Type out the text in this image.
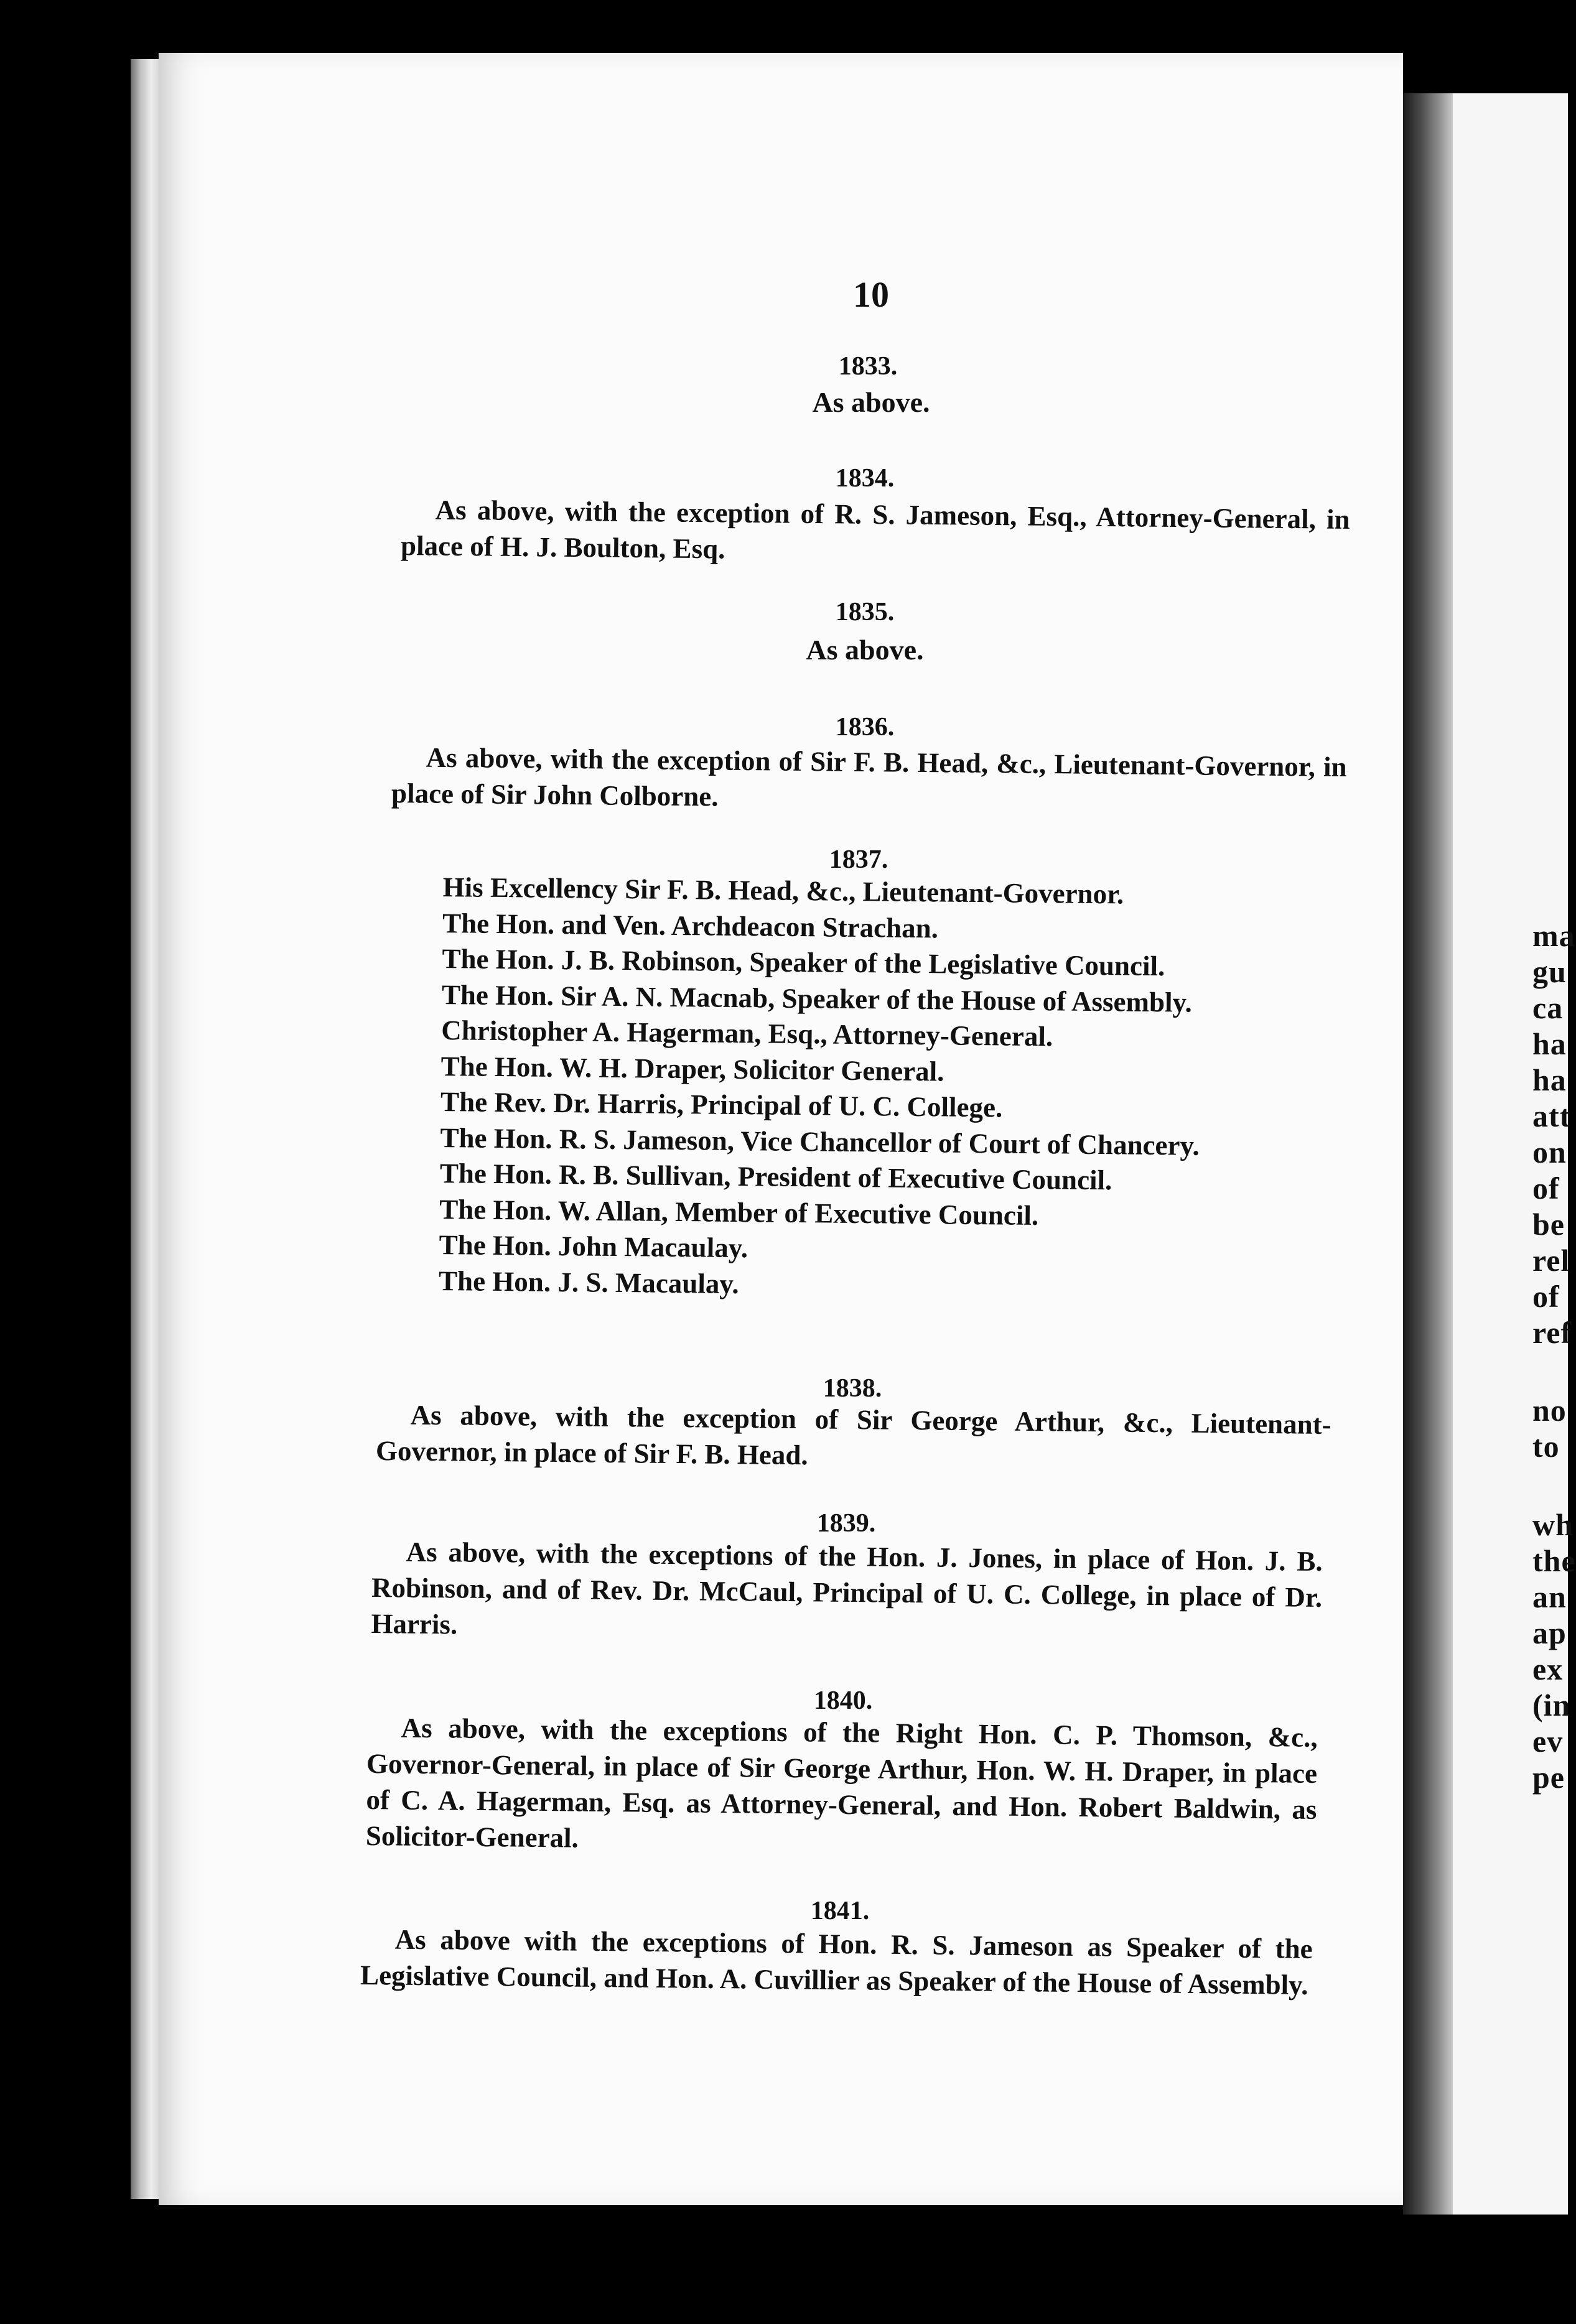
ma
gu
ca
ha
ha
att
on
of
be
rel
of
ref
no
to
wh
the
an
ap
ex
(in
ev
pe
10
1833.
As above.
1834.

As above, with the exception of R. S. Jameson, Esq., Attorney-General, in place of H. J. Boulton, Esq.

1835.
As above.
1836.

As above, with the exception of Sir F. B. Head, &c., Lieutenant-Governor, in place of Sir John Colborne.

1837.
His Excellency Sir F. B. Head, &c., Lieutenant-Governor.
The Hon. and Ven. Archdeacon Strachan.
The Hon. J. B. Robinson, Speaker of the Legislative Council.
The Hon. Sir A. N. Macnab, Speaker of the House of Assembly.
Christopher A. Hagerman, Esq., Attorney-General.
The Hon. W. H. Draper, Solicitor General.
The Rev. Dr. Harris, Principal of U. C. College.
The Hon. R. S. Jameson, Vice Chancellor of Court of Chancery.
The Hon. R. B. Sullivan, President of Executive Council.
The Hon. W. Allan, Member of Executive Council.
The Hon. John Macaulay.
The Hon. J. S. Macaulay.
1838.

As above, with the exception of Sir George Arthur, &c., Lieutenant-Governor, in place of Sir F. B. Head.

1839.

As above, with the exceptions of the Hon. J. Jones, in place of Hon. J. B. Robinson, and of Rev. Dr. McCaul, Principal of U. C. College, in place of Dr. Harris.

1840.

As above, with the exceptions of the Right Hon. C. P. Thomson, &c., Governor-General, in place of Sir George Arthur, Hon. W. H. Draper, in place of C. A. Hagerman, Esq. as Attorney-General, and Hon. Robert Baldwin, as Solicitor-General.

1841.

As above with the exceptions of Hon. R. S. Jameson as Speaker of the Legislative Council, and Hon. A. Cuvillier as Speaker of the House of Assembly.
